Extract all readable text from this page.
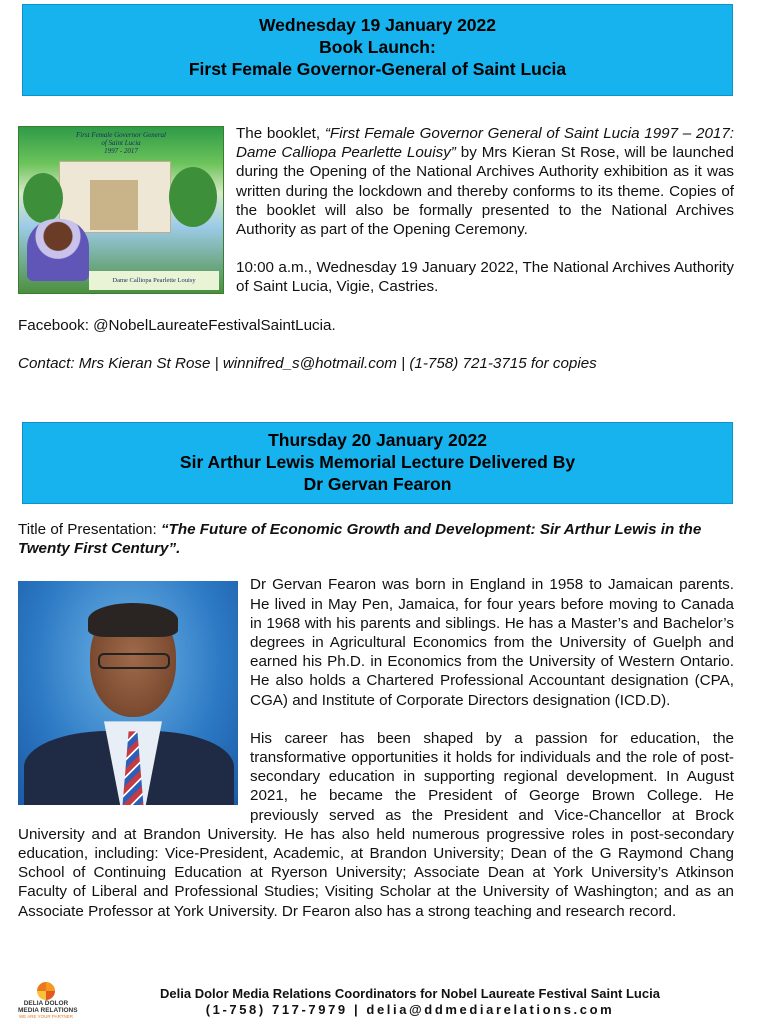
Wednesday 19 January 2022
Book Launch:
First Female Governor-General of Saint Lucia
First Female Governor General
of Saint Lucia
1997 - 2017
Dame Calliopa Pearlette Louisy

The booklet, “First Female Governor General of Saint Lucia 1997 – 2017: Dame Calliopa Pearlette Louisy” by Mrs Kieran St Rose, will be launched during the Opening of the National Archives Authority exhibition as it was written during the lockdown and thereby conforms to its theme. Copies of the booklet will also be formally presented to the National Archives Authority as part of the Opening Ceremony.

10:00 a.m., Wednesday 19 January 2022, The National Archives Authority of Saint Lucia, Vigie, Castries.

Facebook: @NobelLaureateFestivalSaintLucia.

Contact: Mrs Kieran St Rose | winnifred_s@hotmail.com | (1-758) 721-3715 for copies

Thursday 20 January 2022
Sir Arthur Lewis Memorial Lecture Delivered By
Dr Gervan Fearon

Title of Presentation: “The Future of Economic Growth and Development: Sir Arthur Lewis in the Twenty First Century”.

Dr Gervan Fearon was born in England in 1958 to Jamaican parents. He lived in May Pen, Jamaica, for four years before moving to Canada in 1968 with his parents and siblings. He has a Master’s and Bachelor’s degrees in Agricultural Economics from the University of Guelph and earned his Ph.D. in Economics from the University of Western Ontario. He also holds a Chartered Professional Accountant designation (CPA, CGA) and Institute of Corporate Directors designation (ICD.D).

His career has been shaped by a passion for education, the transformative opportunities it holds for individuals and the role of post-secondary education in supporting regional development. In August 2021, he became the President of George Brown College. He previously served as the President and Vice-Chancellor at Brock University and at Brandon University. He has also held numerous progressive roles in post-secondary education, including: Vice-President, Academic, at Brandon University; Dean of the G Raymond Chang School of Continuing Education at Ryerson University; Associate Dean at York University’s Atkinson Faculty of Liberal and Professional Studies; Visiting Scholar at the University of Washington; and as an Associate Professor at York University. Dr Fearon also has a strong teaching and research record.

DELIA DOLOR
MEDIA RELATIONS
WE ARE YOUR PARTNER
Delia Dolor Media Relations Coordinators for Nobel Laureate Festival Saint Lucia
(1-758) 717-7979 | delia@ddmediarelations.com
